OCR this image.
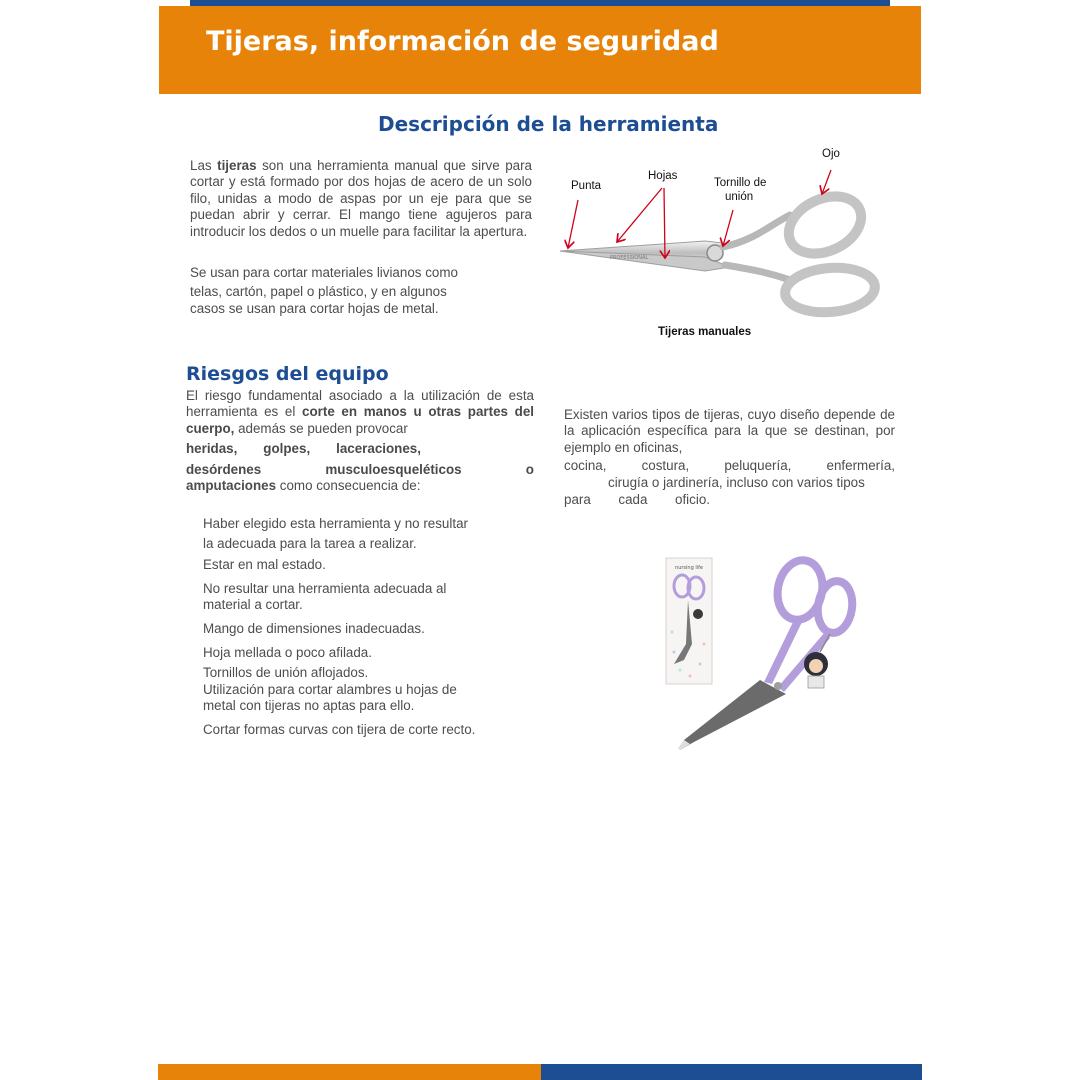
Tijeras, información de seguridad
Descripción de la herramienta
Las tijeras son una herramienta manual que sirve para cortar y está formado por dos hojas de acero de un solo filo, unidas a modo de aspas por un eje para que se puedan abrir y cerrar. El mango tiene agujeros para introducir los dedos o un muelle para facilitar la apertura.
Se usan para cortar materiales livianos como
telas, cartón, papel o plástico, y en algunos
casos se usan para cortar hojas de metal.
PROFESSIONAL
Ojo
Hojas
Punta	Tornillo de
unión
Tijeras manuales
Riesgos del equipo
El riesgo fundamental asociado a la utilización de esta herramienta es el corte en manos u otras partes del cuerpo, además se pueden provocar
heridas, golpes, laceraciones,
desórdenes	musculoesqueléticos	o
amputaciones como consecuencia de:
Haber elegido esta herramienta y no resultar
la adecuada para la tarea a realizar.
Estar en mal estado.
No resultar una herramienta adecuada al
material a cortar.
Mango de dimensiones inadecuadas.
Hoja mellada o poco afilada.
Tornillos de unión aflojados.
Utilización para cortar alambres u hojas de
metal con tijeras no aptas para ello.
Cortar formas curvas con tijera de corte recto.
Existen varios tipos de tijeras, cuyo diseño depende de la aplicación específica para la que se destinan, por ejemplo en oficinas,
cocina,	costura,	peluquería,	enfermería,
cirugía o jardinería, incluso con varios tipos
para cada oficio.
nursing life
